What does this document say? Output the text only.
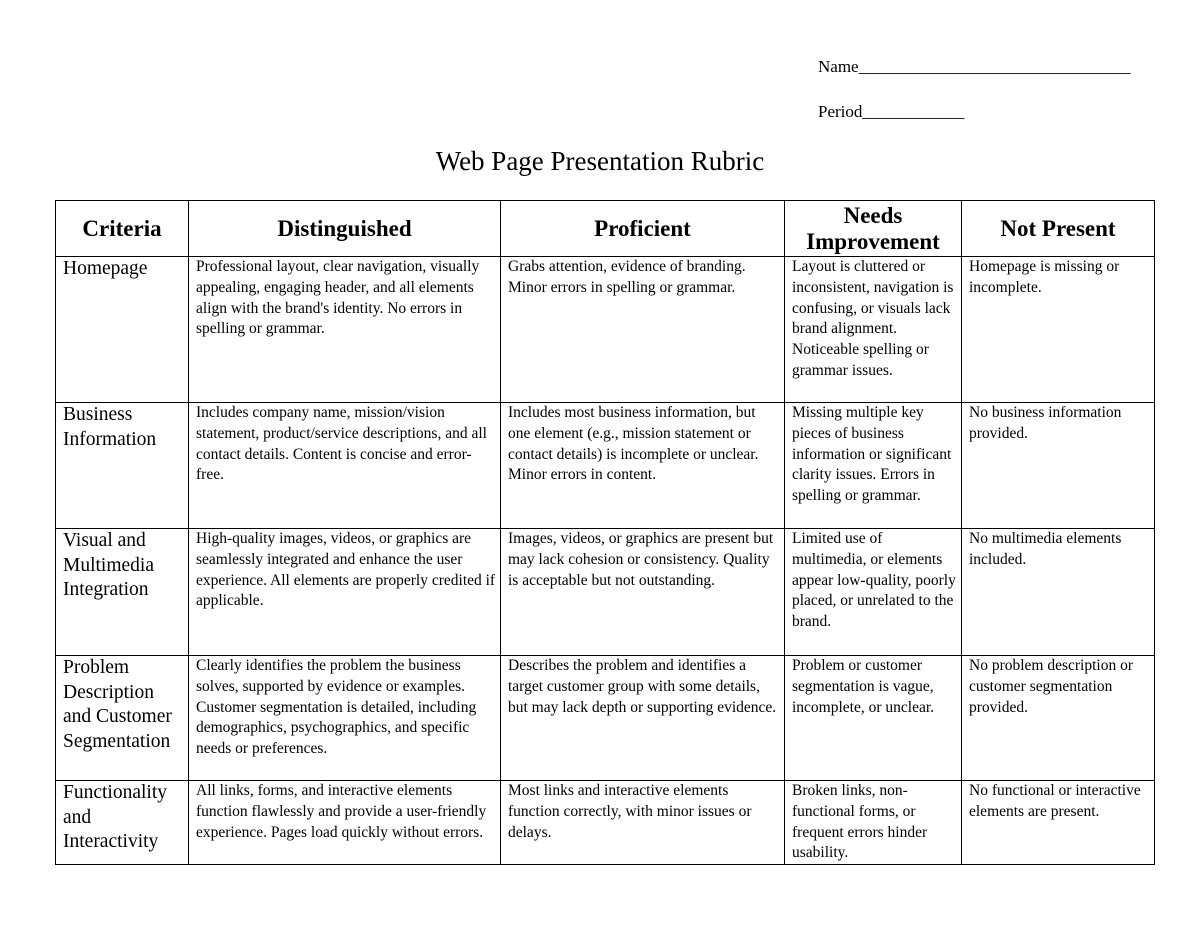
Name________________________________
Period____________
Web Page Presentation Rubric
Criteria	Distinguished	Proficient	Needs Improvement	Not Present
Homepage	Professional layout, clear navigation, visually appealing, engaging header, and all elements align with the brand's identity. No errors in spelling or grammar.	Grabs attention, evidence of branding. Minor errors in spelling or grammar.	Layout is cluttered or inconsistent, navigation is confusing, or visuals lack brand alignment. Noticeable spelling or grammar issues.	Homepage is missing or incomplete.
Business Information	Includes company name, mission/vision statement, product/service descriptions, and all contact details. Content is concise and error-free.	Includes most business information, but one element (e.g., mission statement or contact details) is incomplete or unclear. Minor errors in content.	Missing multiple key pieces of business information or significant clarity issues. Errors in spelling or grammar.	No business information provided.
Visual and Multimedia Integration	High-quality images, videos, or graphics are seamlessly integrated and enhance the user experience. All elements are properly credited if applicable.	Images, videos, or graphics are present but may lack cohesion or consistency. Quality is acceptable but not outstanding.	Limited use of multimedia, or elements appear low-quality, poorly placed, or unrelated to the brand.	No multimedia elements included.
Problem Description and Customer Segmentation	Clearly identifies the problem the business solves, supported by evidence or examples. Customer segmentation is detailed, including demographics, psychographics, and specific needs or preferences.	Describes the problem and identifies a target customer group with some details, but may lack depth or supporting evidence.	Problem or customer segmentation is vague, incomplete, or unclear.	No problem description or customer segmentation provided.
Functionality and Interactivity	All links, forms, and interactive elements function flawlessly and provide a user-friendly experience. Pages load quickly without errors.	Most links and interactive elements function correctly, with minor issues or delays.	Broken links, non-functional forms, or frequent errors hinder usability.	No functional or interactive elements are present.
